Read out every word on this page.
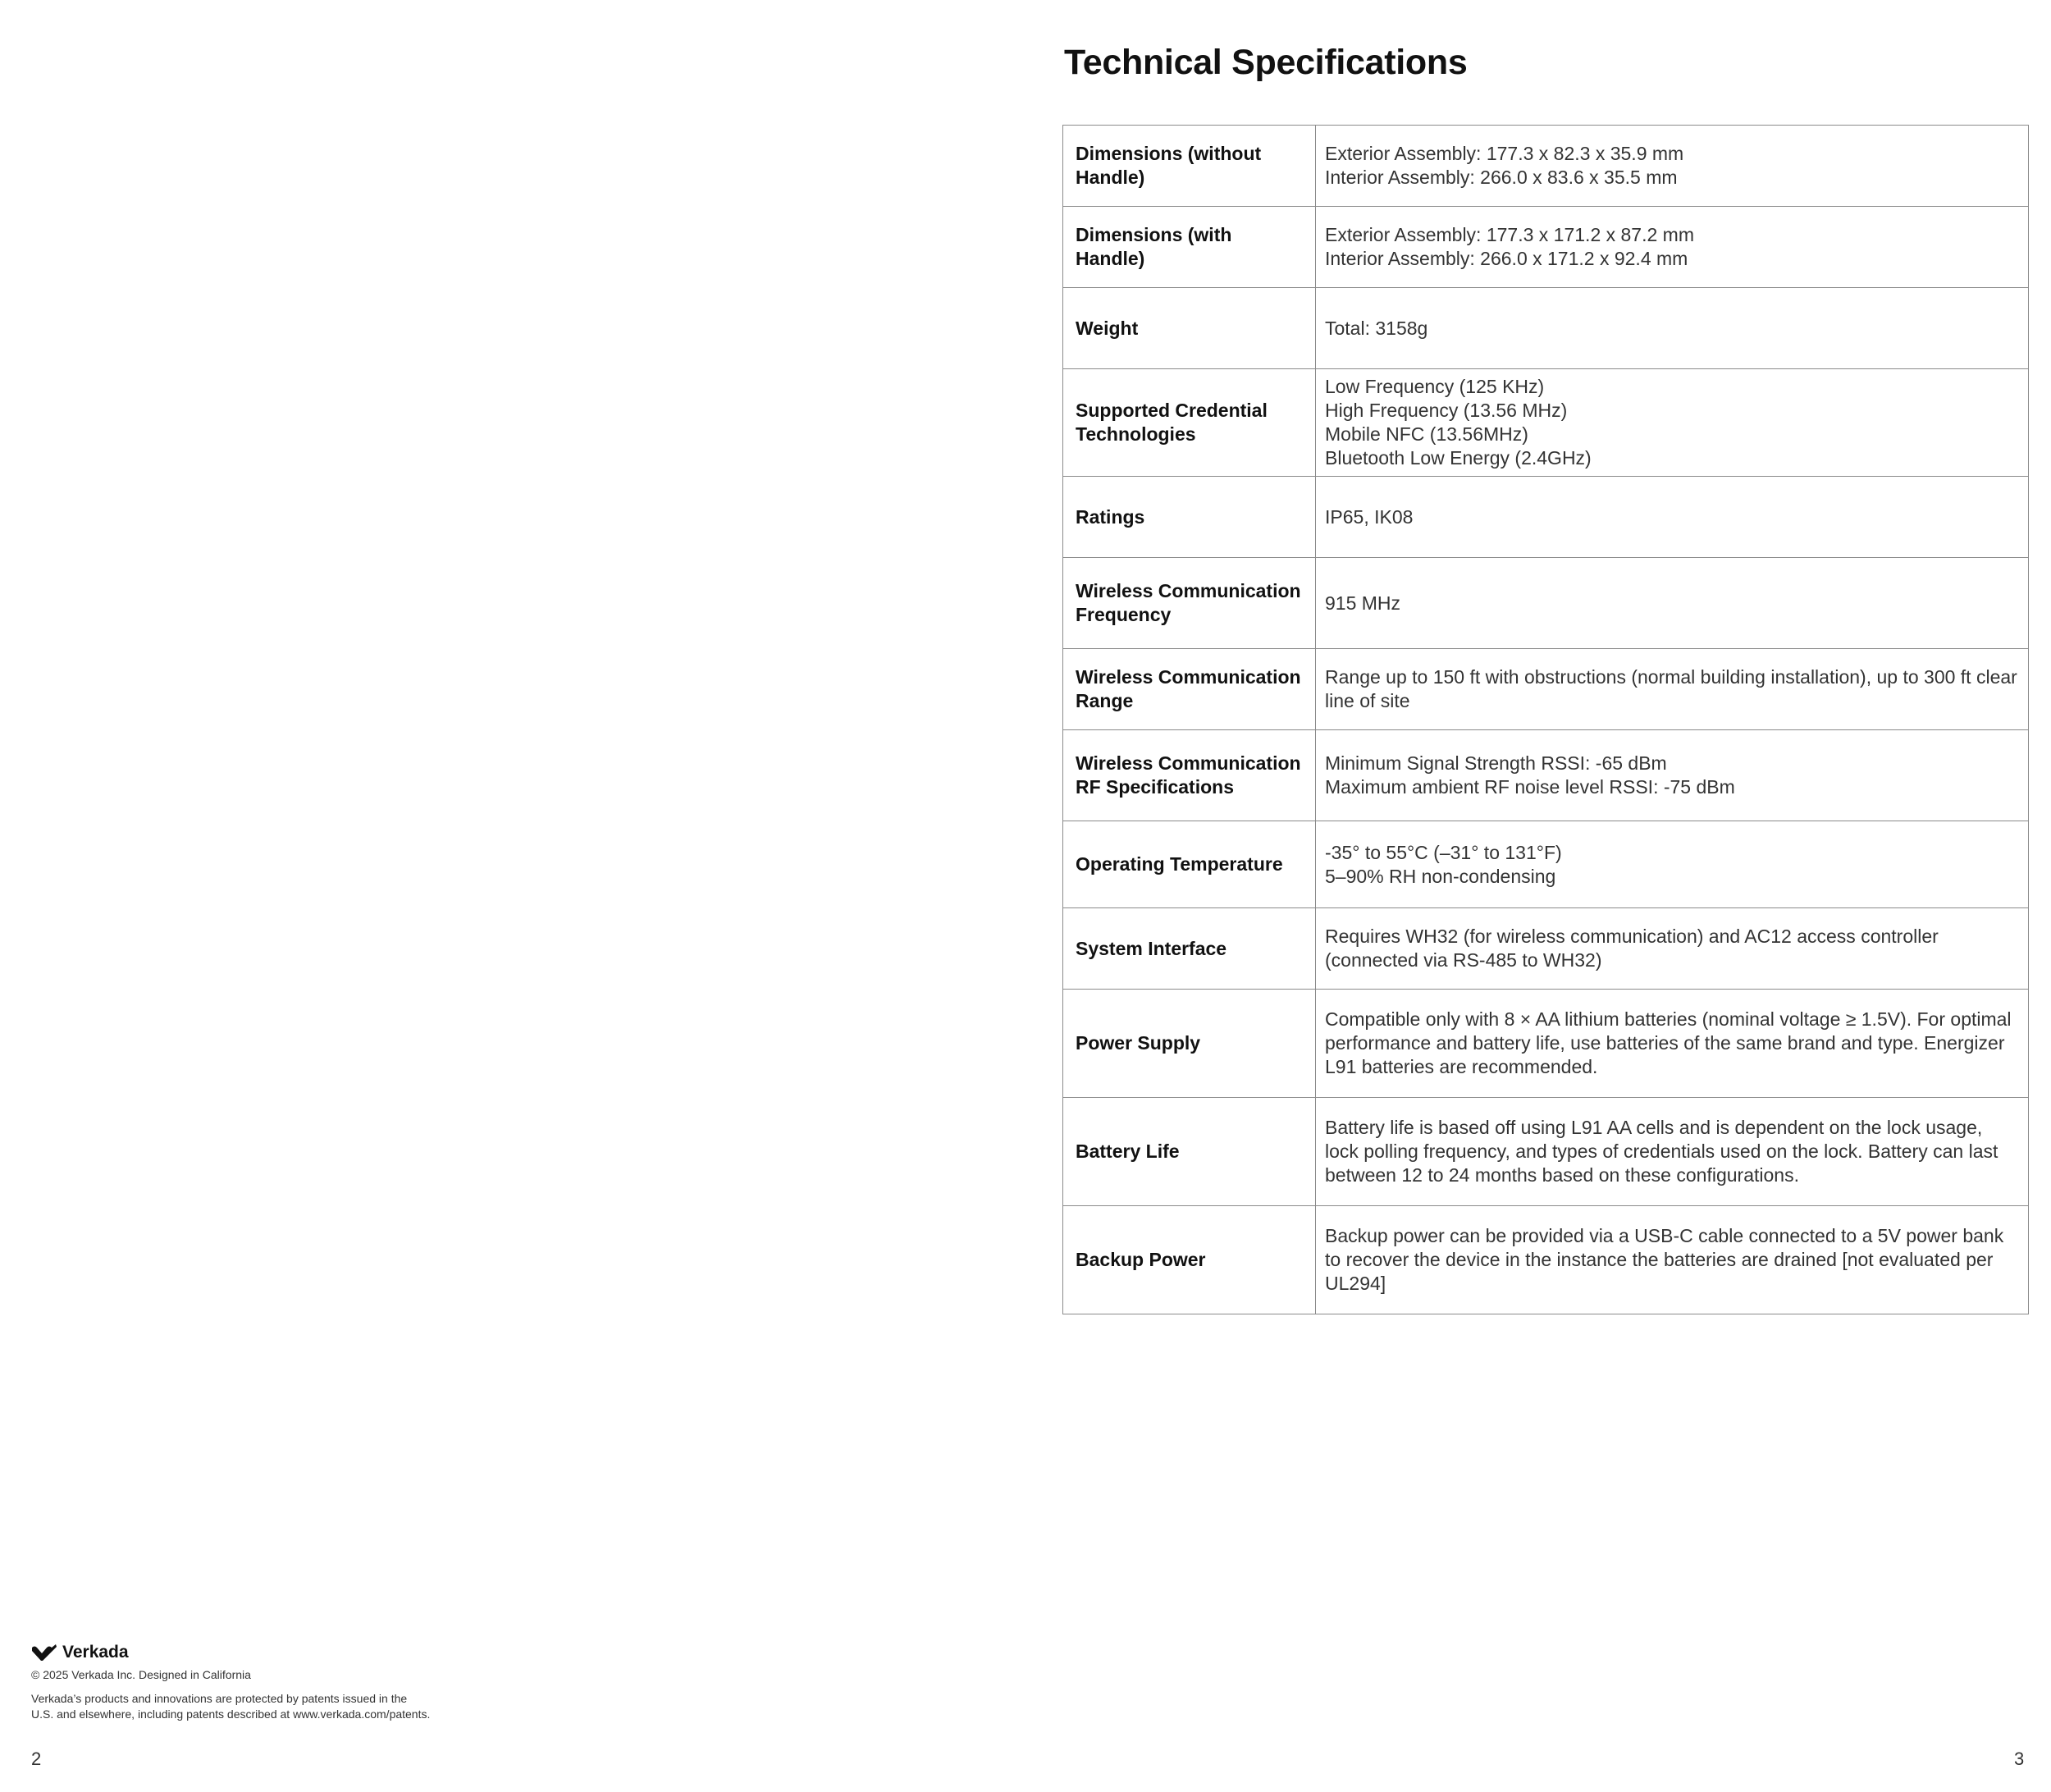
Verkada
© 2025 Verkada Inc. Designed in California
Verkada’s products and innovations are protected by patents issued in the
U.S. and elsewhere, including patents described at www.verkada.com/patents.
2
Technical Specifications
Dimensions (without Handle)	Exterior Assembly: 177.3 x 82.3 x 35.9 mm
Interior Assembly: 266.0 x 83.6 x 35.5 mm
Dimensions (with Handle)	Exterior Assembly: 177.3 x 171.2 x 87.2 mm
Interior Assembly: 266.0 x 171.2 x 92.4 mm
Weight	Total: 3158g
Supported Credential Technologies	Low Frequency (125 KHz)
High Frequency (13.56 MHz)
Mobile NFC (13.56MHz)
Bluetooth Low Energy (2.4GHz)
Ratings	IP65, IK08
Wireless Communication Frequency	915 MHz
Wireless Communication Range	Range up to 150 ft with obstructions (normal building installation), up to 300 ft clear line of site
Wireless Communication RF Specifications	Minimum Signal Strength RSSI: -65 dBm
Maximum ambient RF noise level RSSI: -75 dBm
Operating Temperature	-35° to 55°C (–31° to 131°F)
5–90% RH non-condensing
System Interface	Requires WH32 (for wireless communication) and AC12 access controller (connected via RS-485 to WH32)
Power Supply	Compatible only with 8 × AA lithium batteries (nominal voltage ≥ 1.5V). For optimal performance and battery life, use batteries of the same brand and type. Energizer L91 batteries are recommended.
Battery Life	Battery life is based off using L91 AA cells and is dependent on the lock usage, lock polling frequency, and types of credentials used on the lock. Battery can last between 12 to 24 months based on these configurations.
Backup Power	Backup power can be provided via a USB-C cable connected to a 5V power bank to recover the device in the instance the batteries are drained [not evaluated per UL294]
3
